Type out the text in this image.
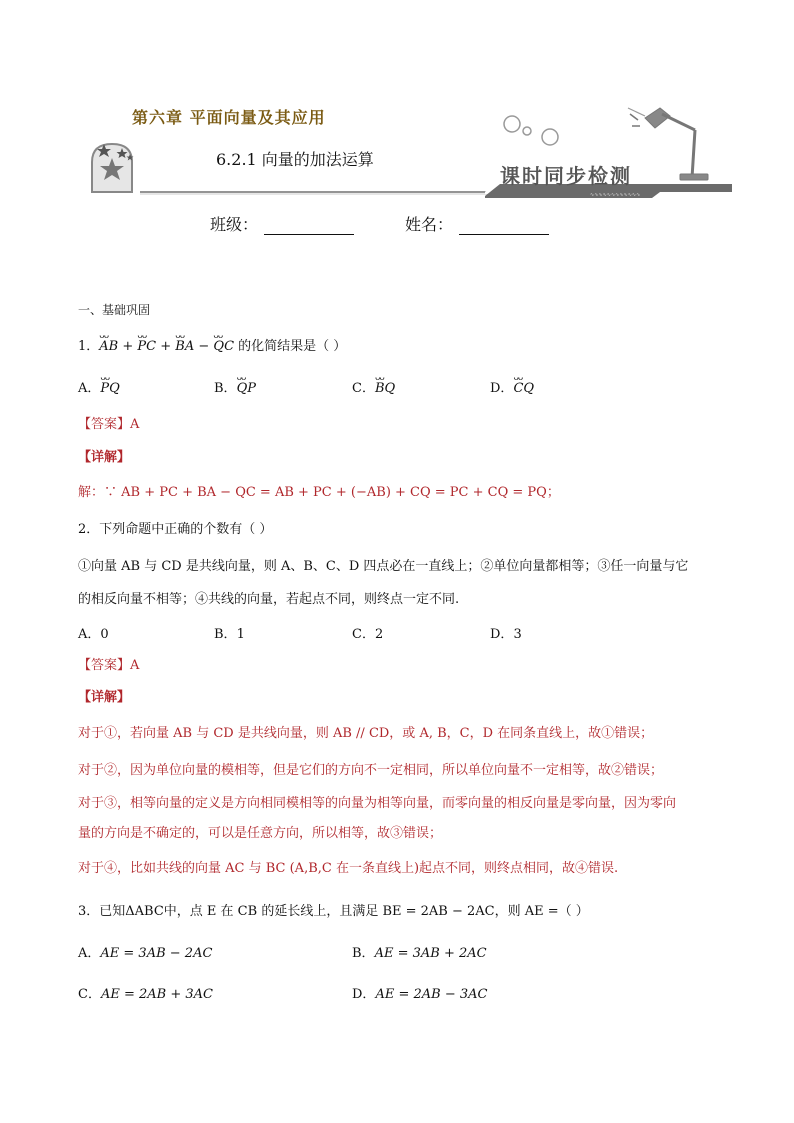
∿∿∿∿∿∿∿∿∿∿∿∿
第六章 平面向量及其应用
6.2.1 向量的加法运算
课时同步检测
班级：	姓名：
一、基础巩固
1．ᴗᴗ AB + ᴗᴗ PC + ᴗᴗ BA − ᴗᴗ QC 的化简结果是（ ）
A．ᴗᴗ PQ	B．ᴗᴗ QP	C．ᴗᴗ BQ	D．ᴗᴗ CQ
【答案】A
【详解】
解：∵ AB + PC + BA − QC = AB + PC + (−AB) + CQ = PC + CQ = PQ；
2．下列命题中正确的个数有（ ）
①向量 AB 与 CD 是共线向量，则 A、B、C、D 四点必在一直线上；②单位向量都相等；③任一向量与它
的相反向量不相等；④共线的向量，若起点不同，则终点一定不同.
A．0	B．1	C．2	D．3
【答案】A
【详解】
对于①，若向量 AB 与 CD 是共线向量，则 AB // CD，或 A, B，C，D 在同条直线上，故①错误；
对于②，因为单位向量的模相等，但是它们的方向不一定相同，所以单位向量不一定相等，故②错误；
对于③，相等向量的定义是方向相同模相等的向量为相等向量，而零向量的相反向量是零向量，因为零向
量的方向是不确定的，可以是任意方向，所以相等，故③错误；
对于④，比如共线的向量 AC 与 BC (A,B,C 在一条直线上)起点不同，则终点相同，故④错误.
3．已知ΔABC中，点 E 在 CB 的延长线上，且满足 BE = 2AB − 2AC，则 AE =（ ）
A．AE = 3AB − 2AC	B．AE = 3AB + 2AC
C．AE = 2AB + 3AC	D．AE = 2AB − 3AC
